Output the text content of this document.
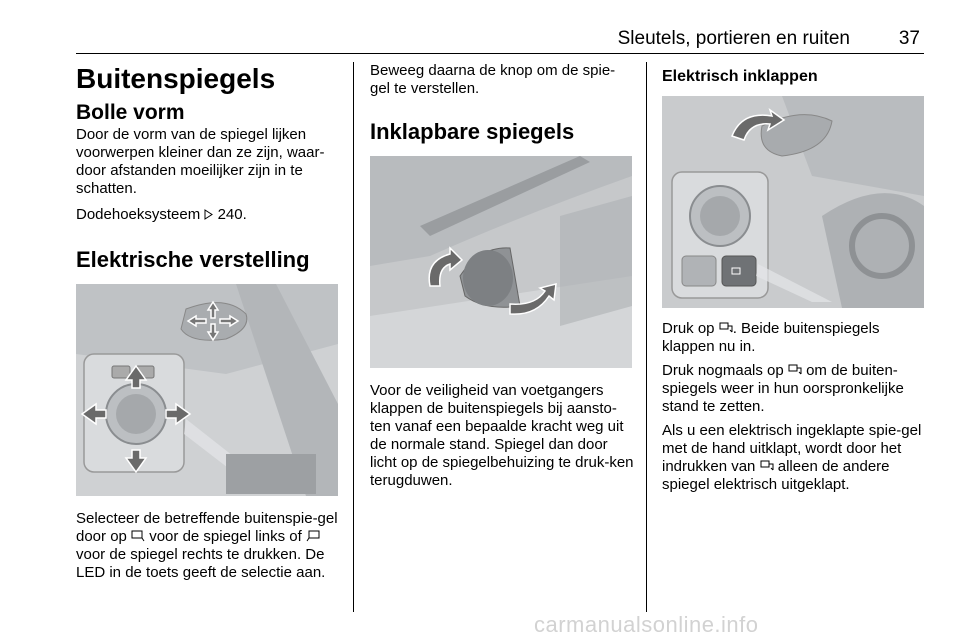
Sleutels, portieren en ruiten	37
Buitenspiegels
Bolle vorm

Door de vorm van de spiegel lijken voorwerpen kleiner dan ze zijn, waar-door afstanden moeilijker zijn in te schatten.

Dodehoeksysteem 240.

Elektrische verstelling

Selecteer de betreffende buitenspie-gel door op voor de spiegel links of  voor de spiegel rechts te drukken. De LED in de toets geeft de selectie aan.

Beweeg daarna de knop om de spie-gel te verstellen.

Inklapbare spiegels

Voor de veiligheid van voetgangers klappen de buitenspiegels bij aansto-ten vanaf een bepaalde kracht weg uit de normale stand. Spiegel dan door licht op de spiegelbehuizing te druk-ken terugduwen.

Elektrisch inklappen

Druk op . Beide buitenspiegels klappen nu in.

Druk nogmaals op om de buiten-spiegels weer in hun oorspronkelijke stand te zetten.

Als u een elektrisch ingeklapte spie-gel met de hand uitklapt, wordt door het indrukken van alleen de andere spiegel elektrisch uitgeklapt.

carmanualsonline.info
